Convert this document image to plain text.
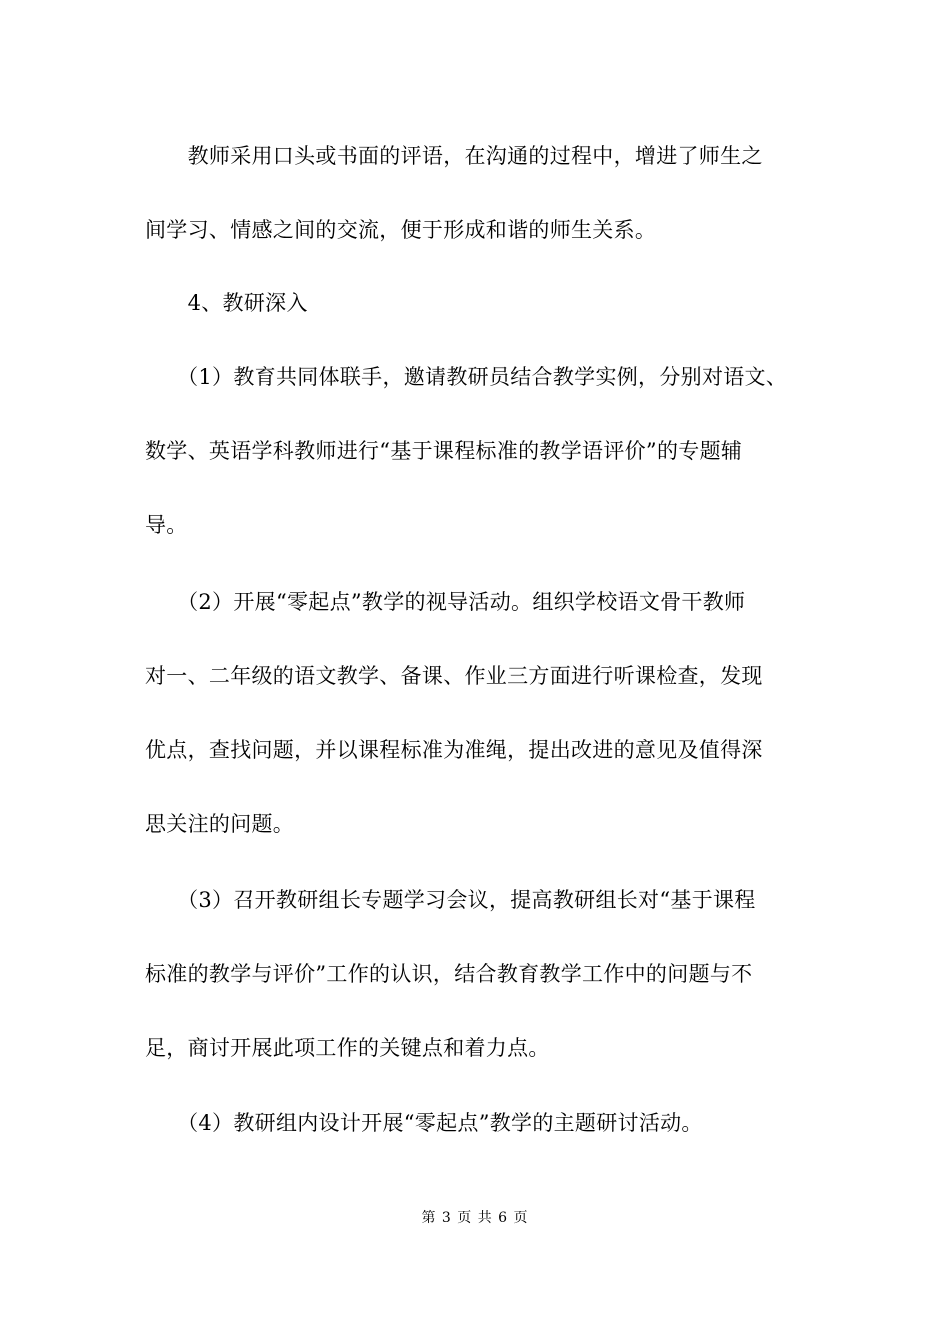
　　教师采用口头或书面的评语，在沟通的过程中，增进了师生之

间学习、情感之间的交流，便于形成和谐的师生关系。

　　4、教研深入

　　（1）教育共同体联手，邀请教研员结合教学实例，分别对语文、

数学、英语学科教师进行“基于课程标准的教学语评价”的专题辅

导。

　　（2）开展“零起点”教学的视导活动。组织学校语文骨干教师

对一、二年级的语文教学、备课、作业三方面进行听课检查，发现

优点，查找问题，并以课程标准为准绳，提出改进的意见及值得深

思关注的问题。

　　（3）召开教研组长专题学习会议，提高教研组长对“基于课程

标准的教学与评价”工作的认识，结合教育教学工作中的问题与不

足，商讨开展此项工作的关键点和着力点。

　　（4）教研组内设计开展“零起点”教学的主题研讨活动。

第 3 页 共 6 页
